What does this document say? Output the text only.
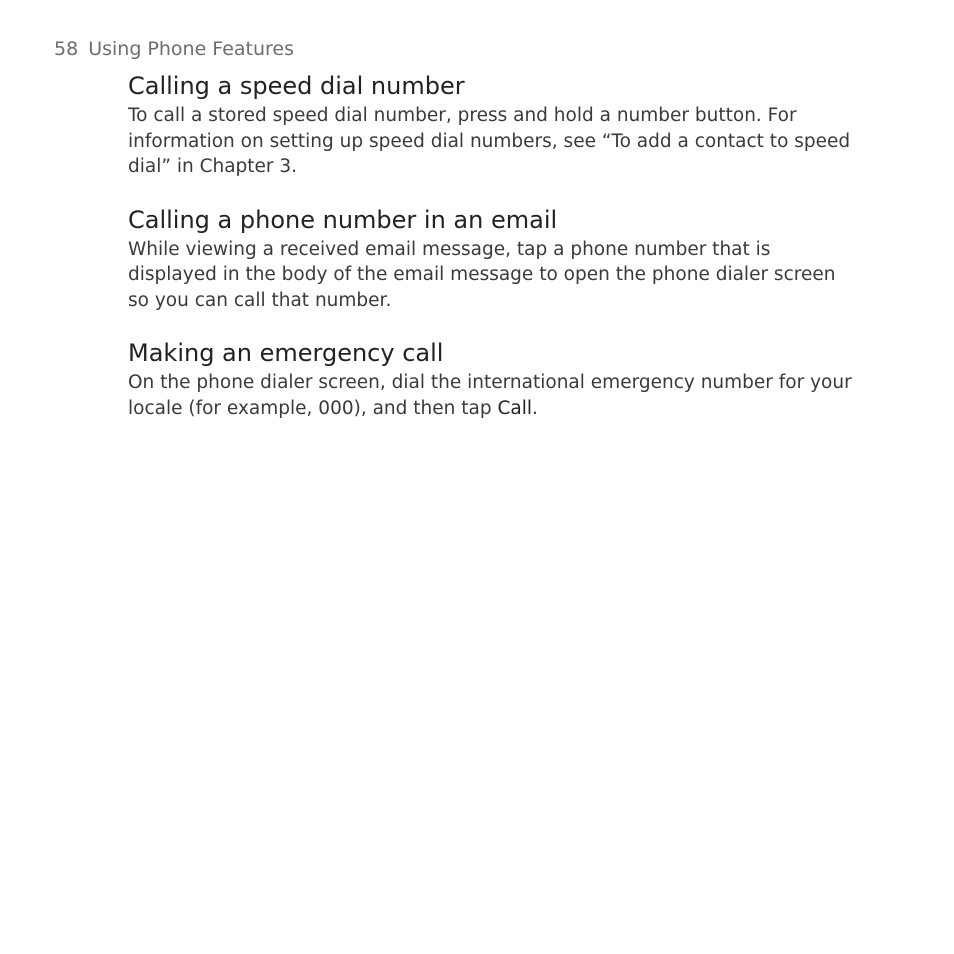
58 Using Phone Features
Calling a speed dial number

To call a stored speed dial number, press and hold a number button. For information on setting up speed dial numbers, see “To add a contact to speed dial” in Chapter 3.

Calling a phone number in an email

While viewing a received email message, tap a phone number that is displayed in the body of the email message to open the phone dialer screen so you can call that number.

Making an emergency call

On the phone dialer screen, dial the international emergency number for your locale (for example, 000), and then tap Call.
